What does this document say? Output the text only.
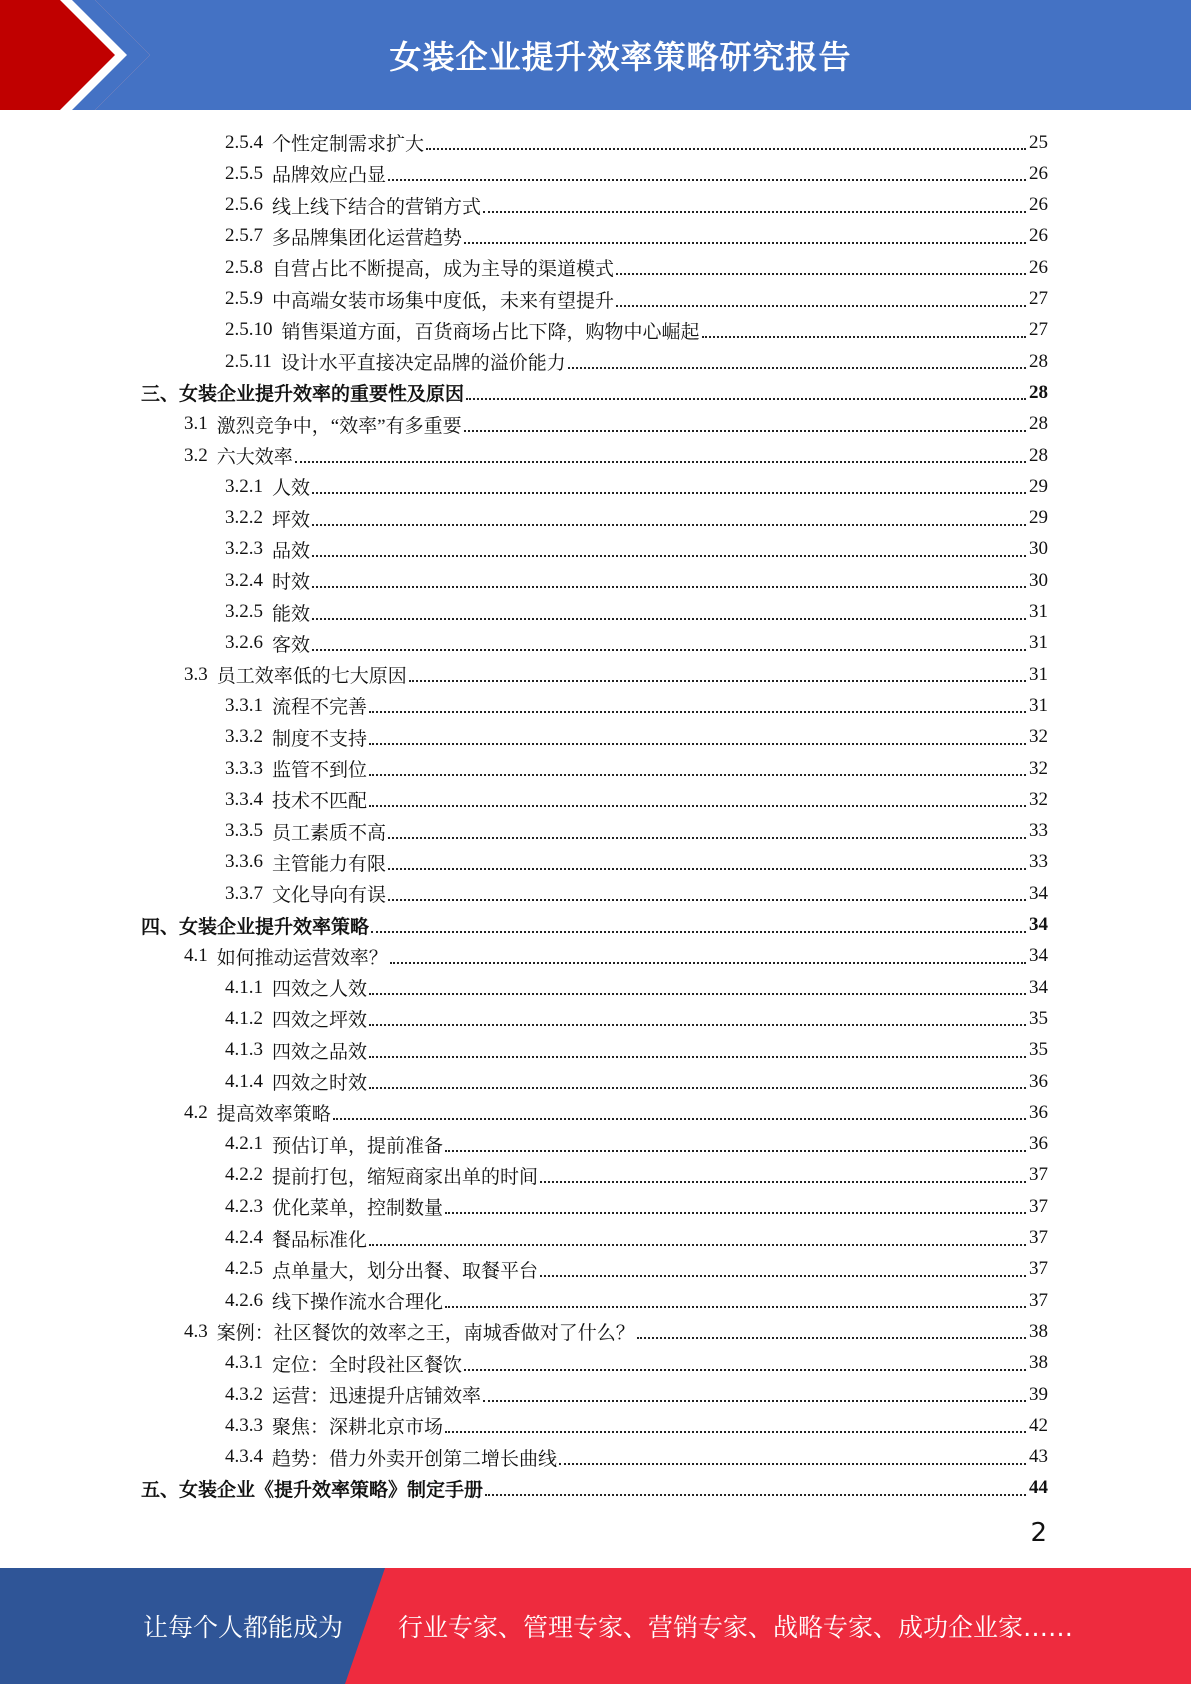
女装企业提升效率策略研究报告
2.5.4 个性定制需求扩大	25
2.5.5 品牌效应凸显	26
2.5.6 线上线下结合的营销方式	26
2.5.7 多品牌集团化运营趋势	26
2.5.8 自营占比不断提高，成为主导的渠道模式	26
2.5.9 中高端女装市场集中度低，未来有望提升	27
2.5.10 销售渠道方面，百货商场占比下降，购物中心崛起	27
2.5.11 设计水平直接决定品牌的溢价能力	28
三、女装企业提升效率的重要性及原因	28
3.1 激烈竞争中，“效率”有多重要	28
3.2 六大效率	28
3.2.1 人效	29
3.2.2 坪效	29
3.2.3 品效	30
3.2.4 时效	30
3.2.5 能效	31
3.2.6 客效	31
3.3 员工效率低的七大原因	31
3.3.1 流程不完善	31
3.3.2 制度不支持	32
3.3.3 监管不到位	32
3.3.4 技术不匹配	32
3.3.5 员工素质不高	33
3.3.6 主管能力有限	33
3.3.7 文化导向有误	34
四、女装企业提升效率策略	34
4.1 如何推动运营效率？	34
4.1.1 四效之人效	34
4.1.2 四效之坪效	35
4.1.3 四效之品效	35
4.1.4 四效之时效	36
4.2 提高效率策略	36
4.2.1 预估订单，提前准备	36
4.2.2 提前打包，缩短商家出单的时间	37
4.2.3 优化菜单，控制数量	37
4.2.4 餐品标准化	37
4.2.5 点单量大，划分出餐、取餐平台	37
4.2.6 线下操作流水合理化	37
4.3 案例：社区餐饮的效率之王，南城香做对了什么？	38
4.3.1 定位：全时段社区餐饮	38
4.3.2 运营：迅速提升店铺效率	39
4.3.3 聚焦：深耕北京市场	42
4.3.4 趋势：借力外卖开创第二增长曲线	43
五、女装企业《提升效率策略》制定手册	44
2
让每个人都能成为 行业专家、管理专家、营销专家、战略专家、成功企业家……
